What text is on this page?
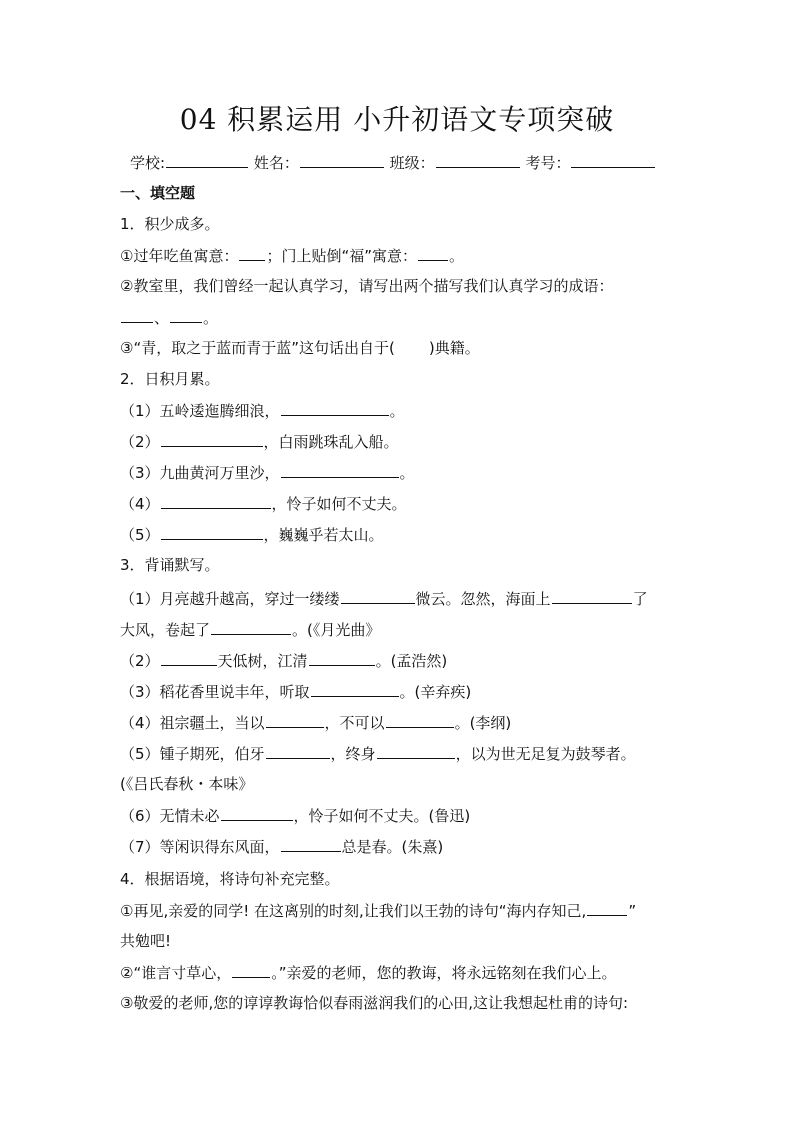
04 积累运用 小升初语文专项突破
学校:	姓名：	班级：	考号：
一、填空题
1．积少成多。
①过年吃鱼寓意： ；门上贴倒“福”寓意： 。
②教室里，我们曾经一起认真学习，请写出两个描写我们认真学习的成语：
、 。
③“青，取之于蓝而青于蓝”这句话出自于( )典籍。
2．日积月累。
（1）五岭逶迤腾细浪，	。
（2）	，白雨跳珠乱入船。
（3）九曲黄河万里沙，	。
（4）	，怜子如何不丈夫。
（5）	，巍巍乎若太山。
3．背诵默写。
（1）月亮越升越高，穿过一缕缕	微云。忽然，海面上	了
大风，卷起了	。(《月光曲》
（2）	天低树，江清	。(孟浩然)
（3）稻花香里说丰年，听取	。(辛弃疾)
（4）祖宗疆土，当以	，不可以	。(李纲)
（5）锺子期死，伯牙	，终身	，以为世无足复为鼓琴者。
(《吕氏春秋・本味》
（6）无情未必	，怜子如何不丈夫。(鲁迅)
（7）等闲识得东风面，	总是春。(朱熹)
4．根据语境，将诗句补充完整。
①再见,亲爱的同学! 在这离别的时刻,让我们以王勃的诗句“海内存知己,	”
共勉吧!
②“谁言寸草心，	。”亲爱的老师，您的教诲，将永远铭刻在我们心上。
③敬爱的老师,您的谆谆教诲恰似春雨滋润我们的心田,这让我想起杜甫的诗句:
